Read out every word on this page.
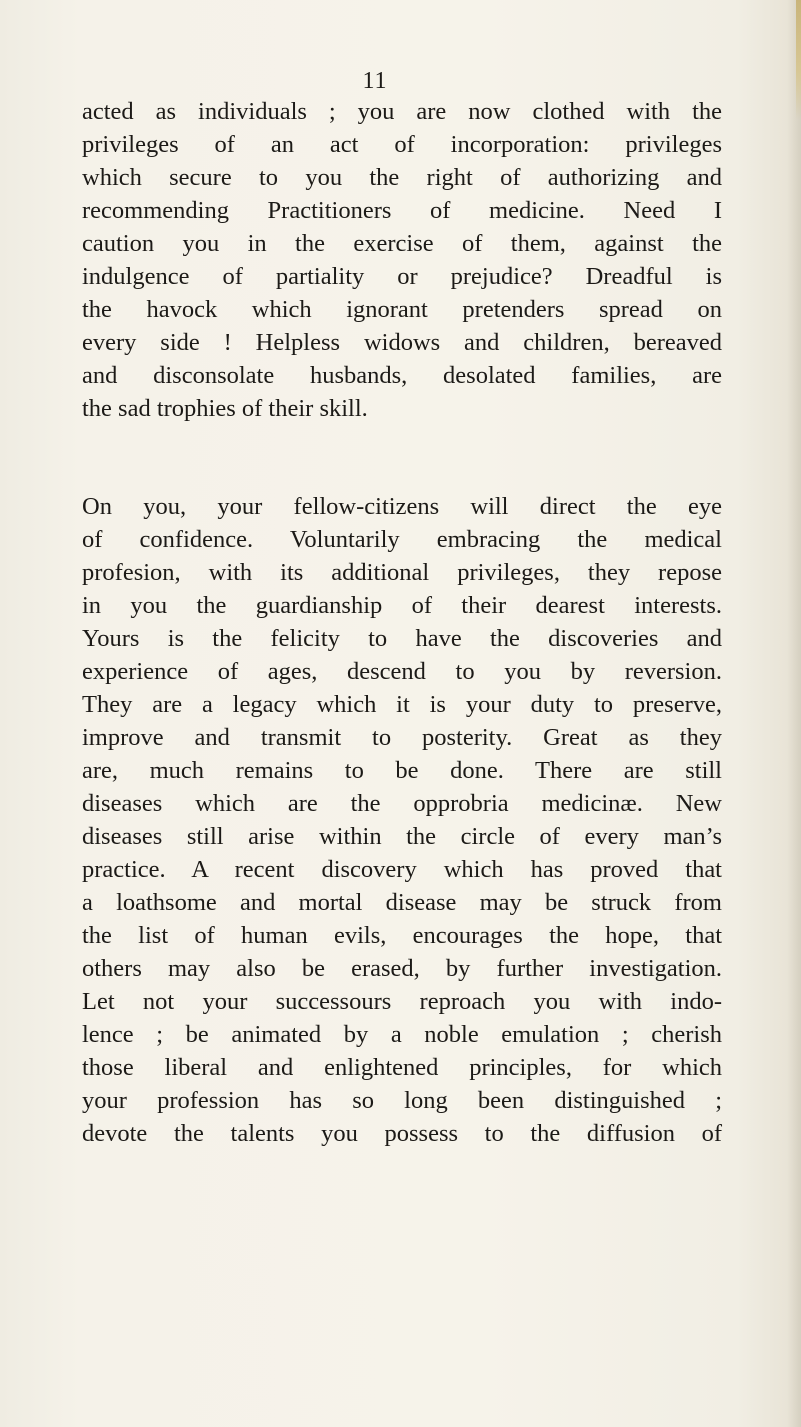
11

acted as individuals ; you are now clothed with the
privileges of an act of incorporation: privileges
which secure to you the right of authorizing and
recommending Practitioners of medicine. Need I
caution you in the exercise of them, against the
indulgence of partiality or prejudice? Dreadful is
the havock which ignorant pretenders spread on
every side ! Helpless widows and children, bereaved
and disconsolate husbands, desolated families, are
the sad trophies of their skill.

On you, your fellow-citizens will direct the eye
of confidence. Voluntarily embracing the medical
profesion, with its additional privileges, they repose
in you the guardianship of their dearest interests.
Yours is the felicity to have the discoveries and
experience of ages, descend to you by reversion.
They are a legacy which it is your duty to preserve,
improve and transmit to posterity. Great as they
are, much remains to be done. There are still
diseases which are the opprobria medicinæ. New
diseases still arise within the circle of every man’s
practice. A recent discovery which has proved that
a loathsome and mortal disease may be struck from
the list of human evils, encourages the hope, that
others may also be erased, by further investigation.
Let not your successours reproach you with indo-
lence ; be animated by a noble emulation ; cherish
those liberal and enlightened principles, for which
your profession has so long been distinguished ;
devote the talents you possess to the diffusion of
